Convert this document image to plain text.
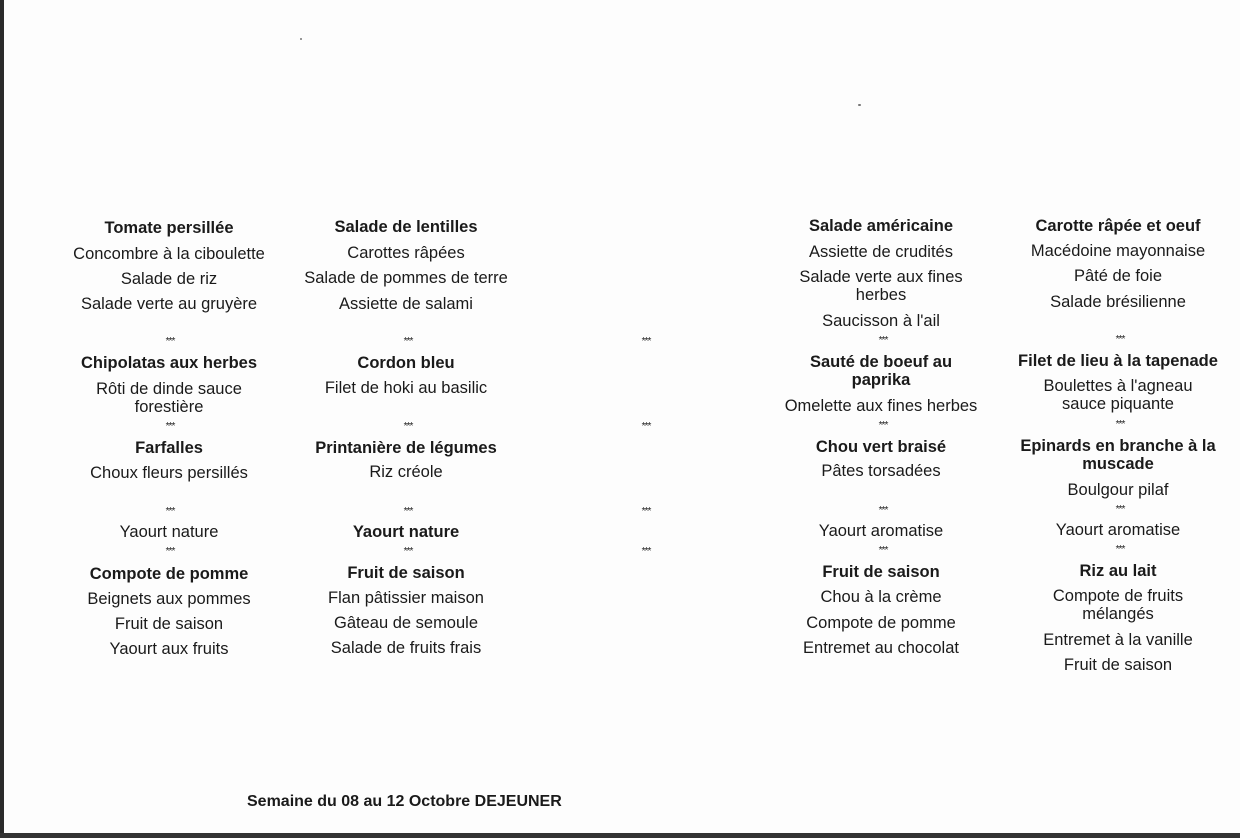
Tomate persillée
Concombre à la ciboulette
Salade de riz
Salade verte au gruyère
***
Chipolatas aux herbes
Rôti de dinde sauce forestière
***
Farfalles
Choux fleurs persillés
***
Yaourt nature
***
Compote de pomme
Beignets aux pommes
Fruit de saison
Yaourt aux fruits
Salade de lentilles
Carottes râpées
Salade de pommes de terre
Assiette de salami
***
Cordon bleu
Filet de hoki au basilic
***
Printanière de légumes
Riz créole
***
Yaourt nature
***
Fruit de saison
Flan pâtissier maison
Gâteau de semoule
Salade de fruits frais
***
***
***
***
Salade américaine
Assiette de crudités
Salade verte aux fines herbes
Saucisson à l'ail
***
Sauté de boeuf au paprika
Omelette aux fines herbes
***
Chou vert braisé
Pâtes torsadées
***
Yaourt aromatise
***
Fruit de saison
Chou à la crème
Compote de pomme
Entremet au chocolat
Carotte râpée et oeuf
Macédoine mayonnaise
Pâté de foie
Salade brésilienne
***
Filet de lieu à la tapenade
Boulettes à l'agneau sauce piquante
***
Epinards en branche à la muscade
Boulgour pilaf
***
Yaourt aromatise
***
Riz au lait
Compote de fruits mélangés
Entremet à la vanille
Fruit de saison
Semaine du 08 au 12 Octobre DEJEUNER
